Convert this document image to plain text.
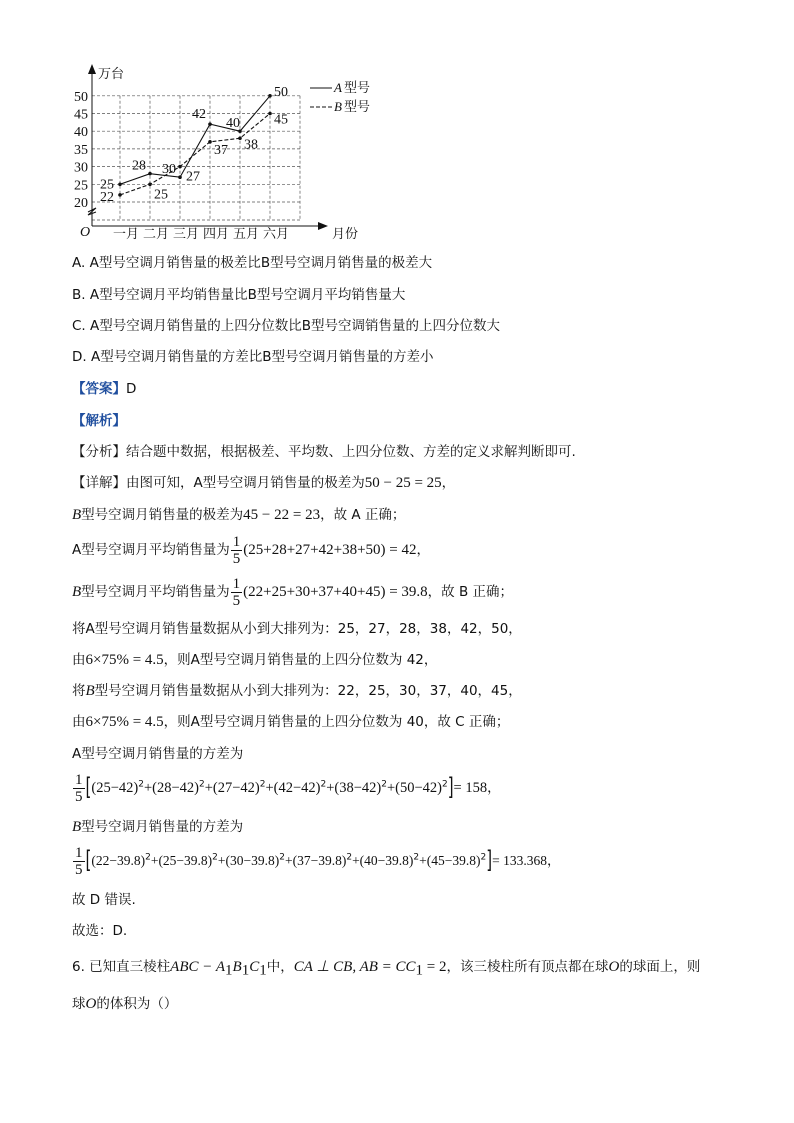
20
25
30
35
40
45
50
万台
O	月份
一月 二月 三月 四月 五月 六月
25
28 30
42
40
50
22	25
27
37 38
45
A 型号
B 型号
A. A型号空调月销售量的极差比B型号空调月销售量的极差大
B. A型号空调月平均销售量比B型号空调月平均销售量大
C. A型号空调月销售量的上四分位数比B型号空调销售量的上四分位数大
D. A型号空调月销售量的方差比B型号空调月销售量的方差小
【答案】D
【解析】
【分析】结合题中数据，根据极差、平均数、上四分位数、方差的定义求解判断即可.
【详解】由图可知，A型号空调月销售量的极差为50 − 25 = 25，
B型号空调月销售量的极差为45 − 22 = 23，故 A 正确；
A型号空调月平均销售量为 $\frac{1}{5} (25+28+27+42+38+50) = 42$，
B型号空调月平均销售量为 $\frac{1}{5} (22+25+30+37+40+45) = 39.8$，故 B 正确；
将A型号空调月销售量数据从小到大排列为：25，27，28，38，42，50，
由6×75% = 4.5，则A型号空调月销售量的上四分位数为 42，
将B型号空调月销售量数据从小到大排列为：22，25，30，37，40，45，
由6×75% = 4.5，则A型号空调月销售量的上四分位数为 40，故 C 正确；
A型号空调月销售量的方差为
$\frac{1}{5} [(25-42)^2+(28-42)^2+(27-42)^2+(42-42)^2+(38-42)^2+(50-42)^2]= 158$，
B型号空调月销售量的方差为
$\frac{1}{5} [(22-39.8)^2+(25-39.8)^2+(30-39.8)^2+(37-39.8)^2+(40-39.8)^2+(45-39.8)^2]= 133.368$，
故 D 错误.
故选：D.
6. 已知直三棱柱ABC − $A_1B_1C_1$中，CA ⊥ CB, AB = $CC_1 = 2$，该三棱柱所有顶点都在球O的球面上，则
球O的体积为（）
